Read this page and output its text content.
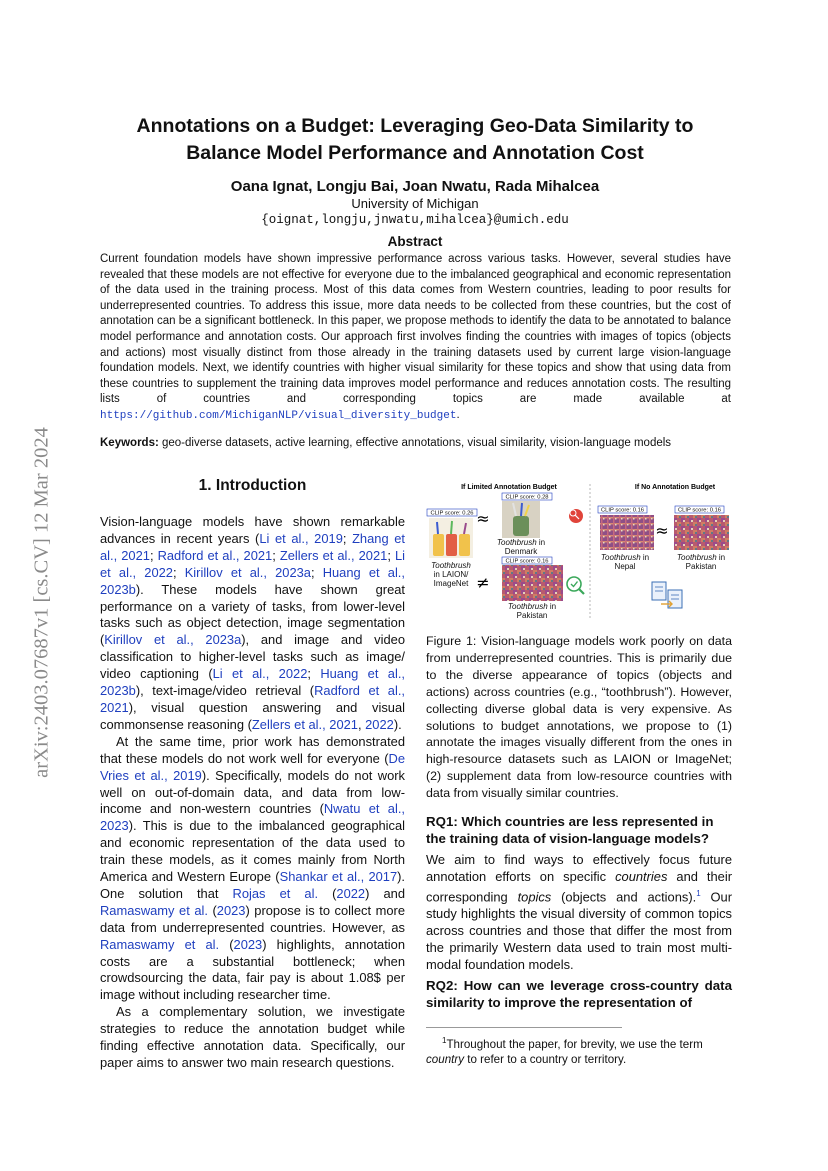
arXiv:2403.07687v1 [cs.CV] 12 Mar 2024
Annotations on a Budget: Leveraging Geo-Data Similarity to
Balance Model Performance and Annotation Cost
Oana Ignat, Longju Bai, Joan Nwatu, Rada Mihalcea
University of Michigan
{oignat,longju,jnwatu,mihalcea}@umich.edu
Abstract
Current foundation models have shown impressive performance across various tasks. However, several studies have revealed that these models are not effective for everyone due to the imbalanced geographical and economic representation of the data used in the training process. Most of this data comes from Western countries, leading to poor results for underrepresented countries. To address this issue, more data needs to be collected from these countries, but the cost of annotation can be a significant bottleneck. In this paper, we propose methods to identify the data to be annotated to balance model performance and annotation costs. Our approach first involves finding the countries with images of topics (objects and actions) most visually distinct from those already in the training datasets used by current large vision-language foundation models. Next, we identify countries with higher visual similarity for these topics and show that using data from these countries to supplement the training data improves model performance and reduces annotation costs. The resulting lists of countries and corresponding topics are made available at https://github.com/MichiganNLP/visual_diversity_budget.
Keywords: geo-diverse datasets, active learning, effective annotations, visual similarity, vision-language models
1. Introduction

Vision-language models have shown remarkable advances in recent years (Li et al., 2019; Zhang et al., 2021; Radford et al., 2021; Zellers et al., 2021; Li et al., 2022; Kirillov et al., 2023a; Huang et al., 2023b). These models have shown great performance on a variety of tasks, from lower-level tasks such as object detection, image segmentation (Kirillov et al., 2023a), and image and video classification to higher-level tasks such as image/ video captioning (Li et al., 2022; Huang et al., 2023b), text-image/video retrieval (Radford et al., 2021), visual question answering and visual commonsense reasoning (Zellers et al., 2021, 2022).

At the same time, prior work has demonstrated that these models do not work well for everyone (De Vries et al., 2019). Specifically, models do not work well on out-of-domain data, and data from low-income and non-western countries (Nwatu et al., 2023). This is due to the imbalanced geographical and economic representation of the data used to train these models, as it comes mainly from North America and Western Europe (Shankar et al., 2017). One solution that Rojas et al. (2022) and Ramaswamy et al. (2023) propose is to collect more data from underrepresented countries. However, as Ramaswamy et al. (2023) highlights, annotation costs are a substantial bottleneck; when crowdsourcing the data, fair pay is about 1.08$ per image without including researcher time.

As a complementary solution, we investigate strategies to reduce the annotation budget while finding effective annotation data. Specifically, our paper aims to answer two main research questions.

If Limited Annotation Budget	If No Annotation Budget
CLIP score: 0.28
Toothbrush in
Denmark
CLIP score: 0.26
Toothbrush
in LAION/
ImageNet
≈
≠
CLIP score: 0.16
Toothbrush in
Pakistan
CLIP score: 0.16
Toothbrush in
Nepal
≈
CLIP score: 0.16
Toothbrush in
Pakistan
Figure 1: Vision-language models work poorly on data from underrepresented countries. This is primarily due to the diverse appearance of topics (objects and actions) across countries (e.g., “toothbrush”). However, collecting diverse global data is very expensive. As solutions to budget annotations, we propose to (1) annotate the images visually different from the ones in high-resource datasets such as LAION or ImageNet; (2) supplement data from low-resource countries with data from visually similar countries.
RQ1: Which countries are less represented in the training data of vision-language models?
We aim to find ways to effectively focus future annotation efforts on specific countries and their corresponding topics (objects and actions).$^1$ Our study highlights the visual diversity of common topics across countries and those that differ the most from the primarily Western data used to train most multi-modal foundation models.
RQ2: How can we leverage cross-country data similarity to improve the representation of
$^1$Throughout the paper, for brevity, we use the term country to refer to a country or territory.
